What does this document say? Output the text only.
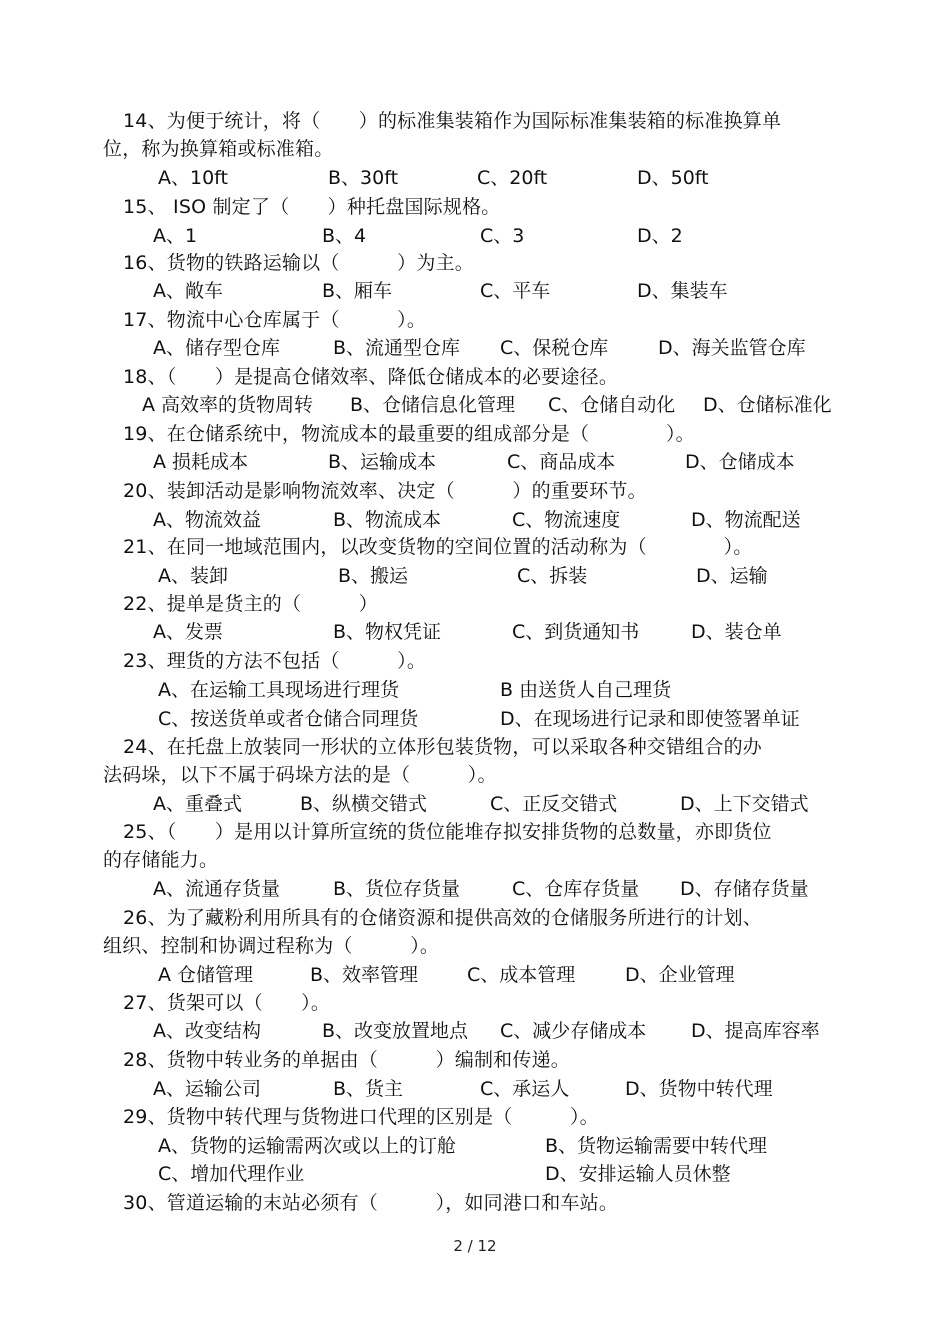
14、为便于统计，将（　　）的标准集装箱作为国际标准集装箱的标准换算单
位，称为换算箱或标准箱。
A、10ft	B、30ft	C、20ft	D、50ft
15、 ISO 制定了（　　）种托盘国际规格。
A、1	B、4	C、3	D、2
16、货物的铁路运输以（　　　）为主。
A、敞车	B、厢车	C、平车	D、集装车
17、物流中心仓库属于（　　　）。
A、储存型仓库	B、流通型仓库 C、保税仓库	D、海关监管仓库
18、（　　）是提高仓储效率、降低仓储成本的必要途径。
A 高效率的货物周转 B、仓储信息化管理 C、仓储自动化 D、仓储标准化
19、在仓储系统中，物流成本的最重要的组成部分是（　　　　）。
A 损耗成本	B、运输成本	C、商品成本	D、仓储成本
20、装卸活动是影响物流效率、决定（　　　）的重要环节。
A、物流效益	B、物流成本	C、物流速度	D、物流配送
21、在同一地域范围内，以改变货物的空间位置的活动称为（　　　　）。
A、装卸	B、搬运	C、拆装	D、运输
22、提单是货主的（　　　）
A、发票	B、物权凭证	C、到货通知书	D、装仓单
23、理货的方法不包括（　　　）。
A、在运输工具现场进行理货	B 由送货人自己理货
C、按送货单或者仓储合同理货	D、在现场进行记录和即使签署单证
24、在托盘上放装同一形状的立体形包装货物，可以采取各种交错组合的办
法码垛，以下不属于码垛方法的是（　　　）。
A、重叠式	B、纵横交错式	C、正反交错式	D、上下交错式
25、（　　）是用以计算所宣统的货位能堆存拟安排货物的总数量，亦即货位
的存储能力。
A、流通存货量	B、货位存货量	C、仓库存货量 D、存储存货量
26、为了藏粉利用所具有的仓储资源和提供高效的仓储服务所进行的计划、
组织、控制和协调过程称为（　　　）。
A 仓储管理	B、效率管理	C、成本管理	D、企业管理
27、货架可以（　　）。
A、改变结构	B、改变放置地点 C、减少存储成本 D、提高库容率
28、货物中转业务的单据由（　　　）编制和传递。
A、运输公司	B、货主	C、承运人	D、货物中转代理
29、货物中转代理与货物进口代理的区别是（　　　）。
A、货物的运输需两次或以上的订舱	B、货物运输需要中转代理
C、增加代理作业	D、安排运输人员休整
30、管道运输的末站必须有（　　　），如同港口和车站。
2 / 12
